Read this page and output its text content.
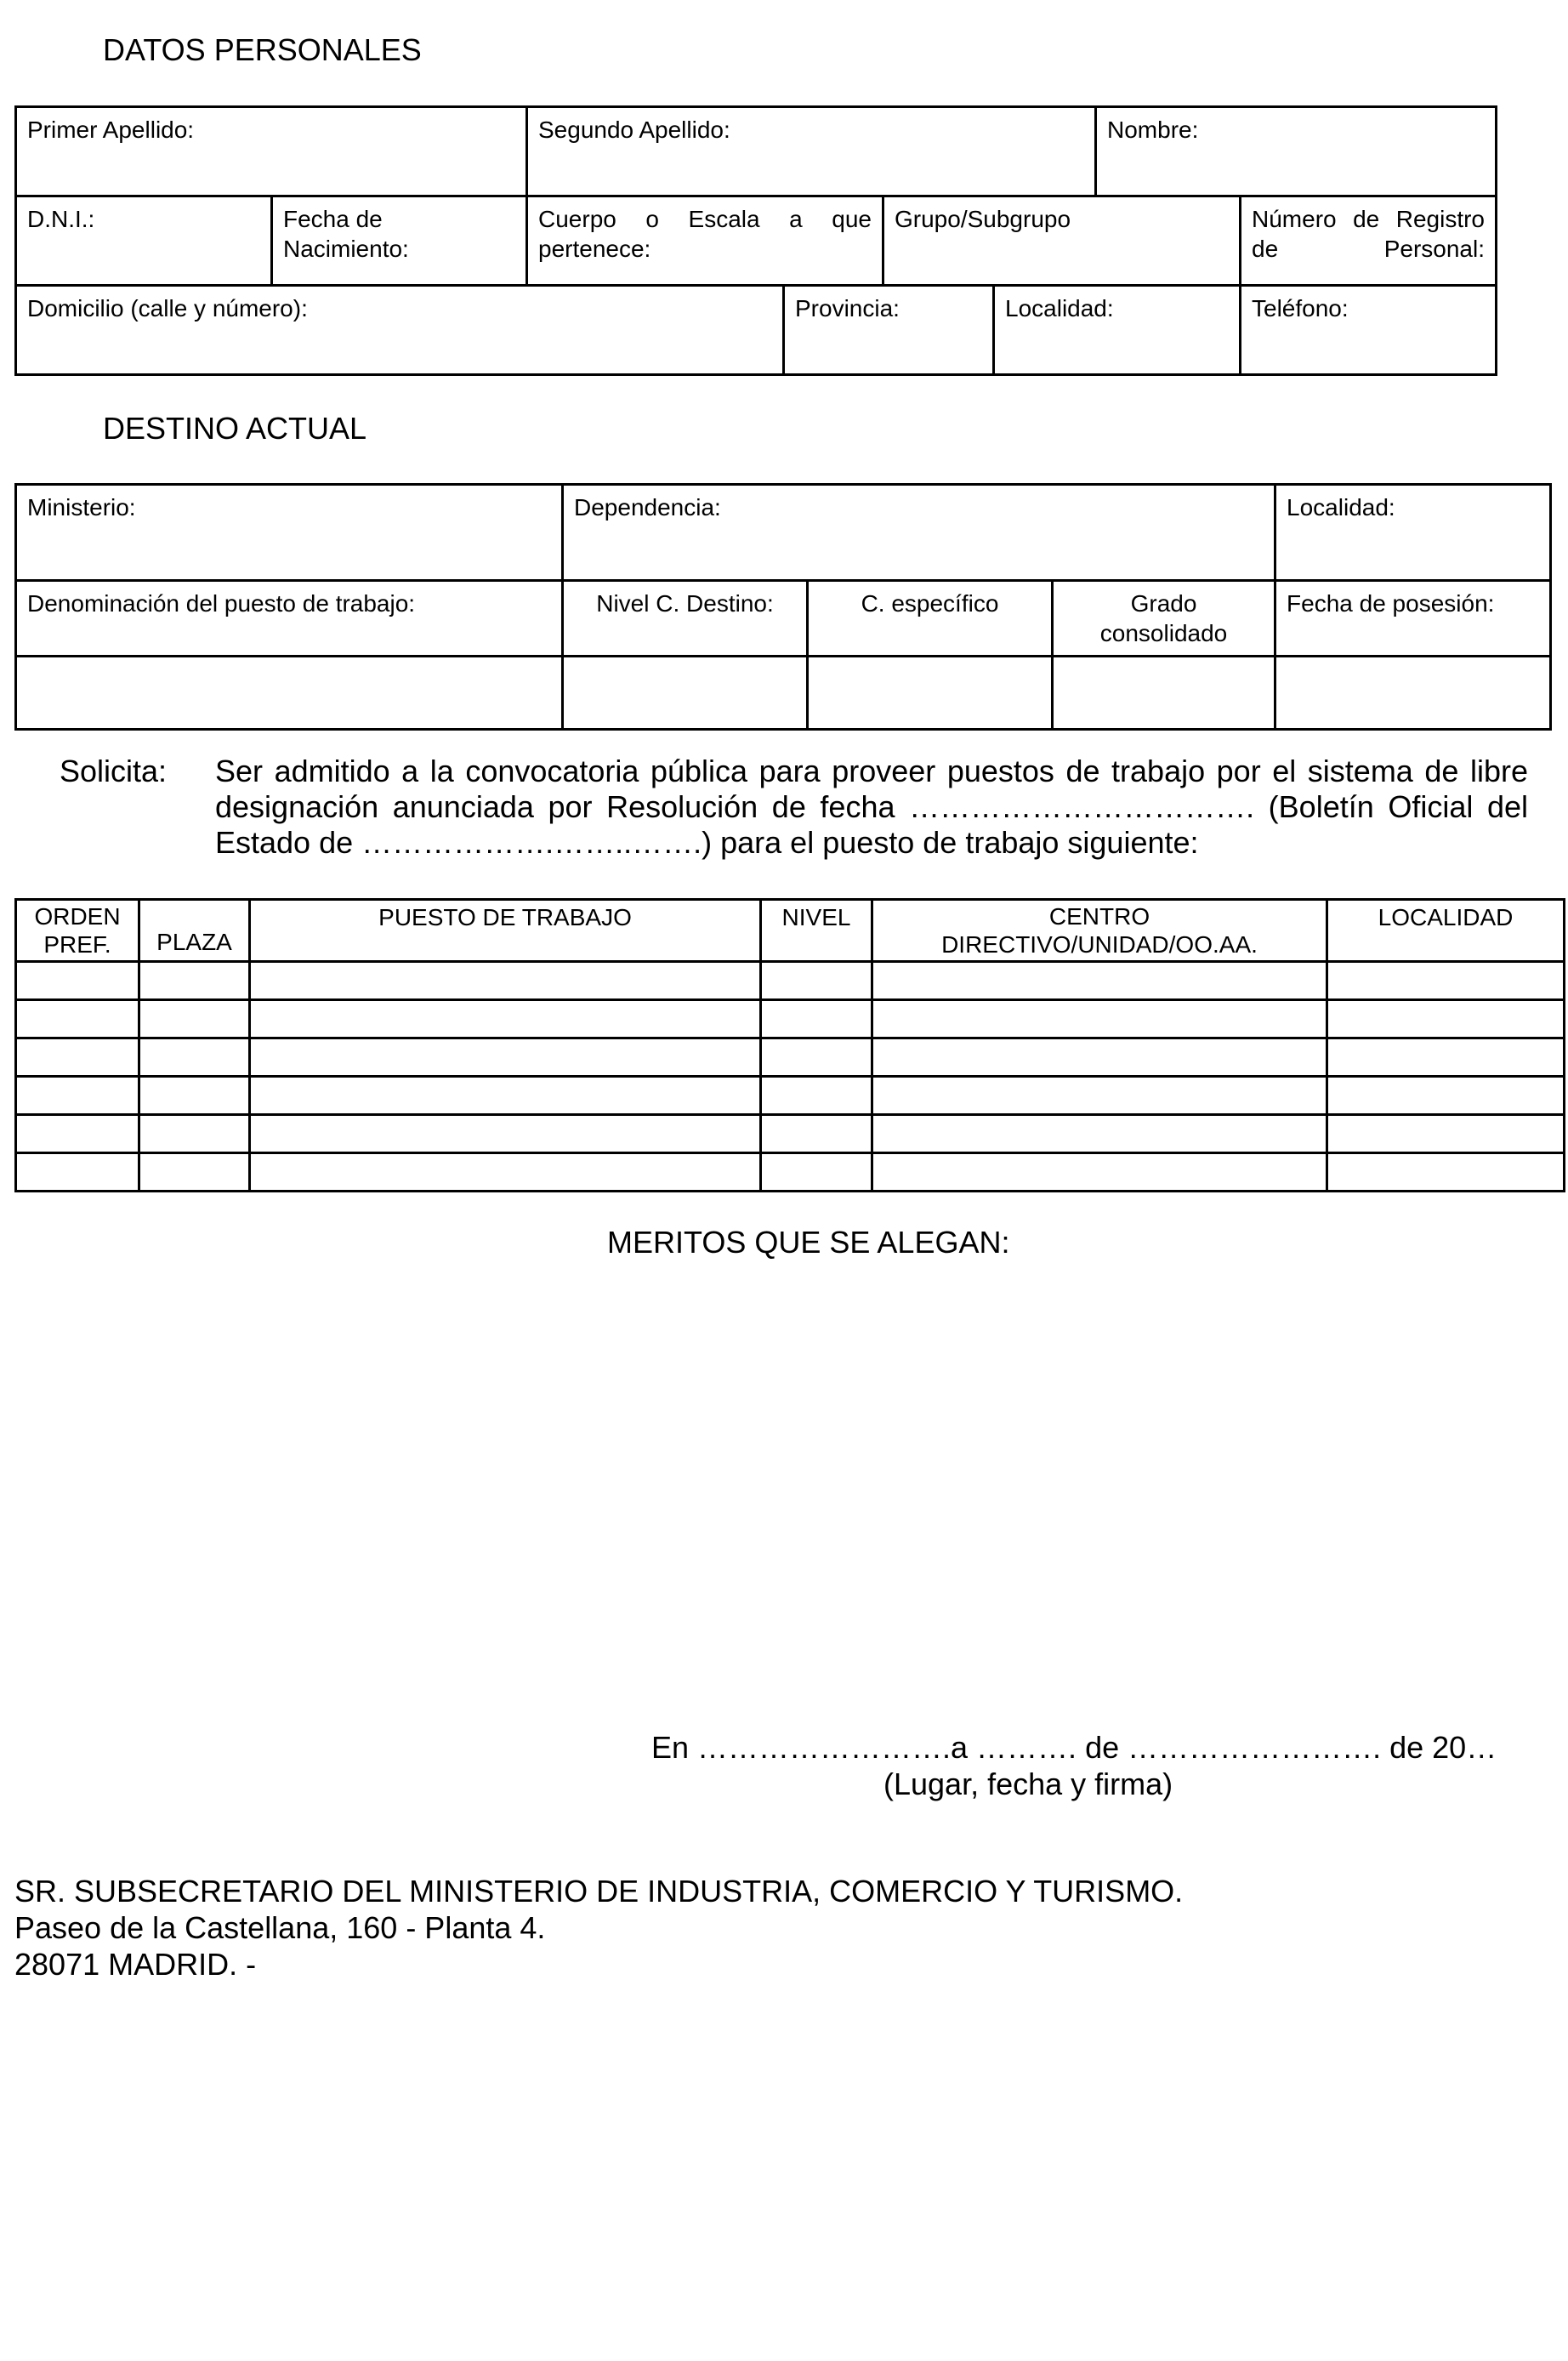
DATOS PERSONALES
Primer Apellido:		Segundo Apellido:				Nombre:	
D.N.I.:	Fecha de Nacimiento:	Cuerpo o Escala a que pertenece:		Grupo/Subgrupo			Número de Registro de Personal:

Domicilio (calle y número):			Provincia:		Localidad:		Teléfono:
DESTINO ACTUAL
Ministerio:	Dependencia:			Localidad:
Denominación del puesto de trabajo:	Nivel C. Destino:	C. específico	Grado consolidado	Fecha de posesión:

Solicita: Ser admitido a la convocatoria pública para proveer puestos de trabajo por el sistema de libre designación anunciada por Resolución de fecha ……………………………. (Boletín Oficial del Estado de ……………….……..…….) para el puesto de trabajo siguiente:
ORDEN PREF.	PLAZA	PUESTO DE TRABAJO	NIVEL	CENTRO DIRECTIVO/UNIDAD/OO.AA.	LOCALIDAD

MERITOS QUE SE ALEGAN:
En …………………….a ………. de ……………………. de 20…
(Lugar, fecha y firma)
SR. SUBSECRETARIO DEL MINISTERIO DE INDUSTRIA, COMERCIO Y TURISMO.
Paseo de la Castellana, 160 - Planta 4.
28071 MADRID. -
